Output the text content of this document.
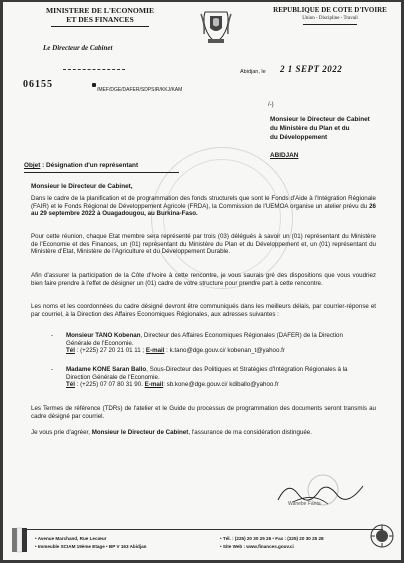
MINISTERE DE L'ECONOMIE
ET DES FINANCES
REPUBLIQUE DE COTE D'IVOIRE
Union - Discipline - Travail
Le Directeur de Cabinet
Abidjan, le 2 1 SEPT 2022
06155	/MEF/DGE/DAFER/SDPSIR/KKJ/KAM
/-)
Monsieur le Directeur de Cabinet
du Ministère du Plan et du
du Développement
ABIDJAN
Objet : Désignation d'un représentant
Monsieur le Directeur de Cabinet,
Dans le cadre de la planification et de programmation des fonds structurels que sont le Fonds d'Aide à l'Intégration Régionale (FAIR) et le Fonds Régional de Développement Agricole (FRDA), la Commission de l'UEMOA organise un atelier prévu du 26 au 29 septembre 2022 à Ouagadougou, au Burkina-Faso.
Pour cette réunion, chaque Etat membre sera représenté par trois (03) délégués à savoir un (01) représentant du Ministère de l'Economie et des Finances, un (01) représentant du Ministère du Plan et du Développement et, un (01) représentant du Ministère d'Etat, Ministère de l'Agriculture et du Développement Durable.
Afin d'assurer la participation de la Côte d'Ivoire à cette rencontre, je vous saurais gré des dispositions que vous voudriez bien faire prendre à l'effet de désigner un (01) cadre de votre structure pour prendre part à cette rencontre.
Les noms et les coordonnées du cadre désigné devront être communiqués dans les meilleurs délais, par courrier-réponse et par courriel, à la Direction des Affaires Economiques Régionales, aux adresses suivantes :
- Monsieur TANO Kobenan, Directeur des Affaires Economiques Régionales (DAFER) de la Direction Générale de l'Economie.
Tél : (+225) 27 20 21 01 11 ; E-mail : k.tano@dge.gouv.ci/ kobenan_t@yahoo.fr
- Madame KONE Saran Ballo, Sous-Directeur des Politiques et Stratégies d'Intégration Régionales à la Direction Générale de l'Economie.
Tél : (+225) 07 07 80 31 90. E-mail: sb.kone@dge.gouv.ci/ kdiballo@yahoo.fr
Les Termes de référence (TDRs) de l'atelier et le Guide du processus de programmation des documents seront transmis au cadre désigné par courriel.
Je vous prie d'agréer, Monsieur le Directeur de Cabinet, l'assurance de ma considération distinguée.
Wanebe Fanta
• Avenue Marchand, Rue Lecœur
• Immeuble SCIAM 19ème Etage • BP V 163 Abidjan
• Tél. : (225) 20 30 25 26 • Fax : (225) 20 30 25 28
• Site Web : www.finances.gouv.ci
